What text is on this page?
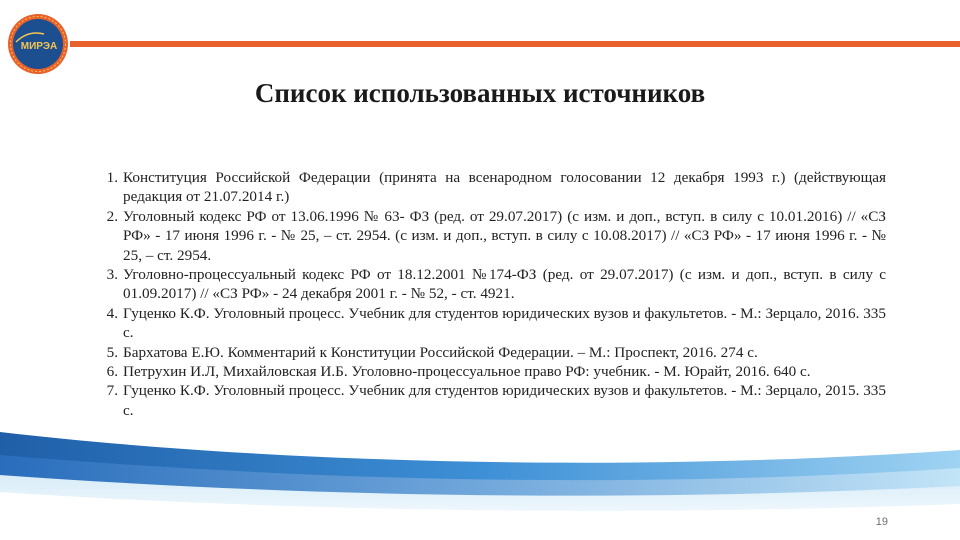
МИРЭА
Список использованных источников
1. Конституция Российской Федерации (принята на всенародном голосовании 12 декабря 1993 г.) (действующая редакция от 21.07.2014 г.)
2. Уголовный кодекс РФ от 13.06.1996 № 63- ФЗ (ред. от 29.07.2017) (с изм. и доп., вступ. в силу с 10.01.2016) // «СЗ РФ» - 17 июня 1996 г. - № 25, – ст. 2954. (с изм. и доп., вступ. в силу с 10.08.2017) // «СЗ РФ» - 17 июня 1996 г. - № 25, – ст. 2954.
3. Уголовно-процессуальный кодекс РФ от 18.12.2001 №174-ФЗ (ред. от 29.07.2017) (с изм. и доп., вступ. в силу с 01.09.2017) // «СЗ РФ» - 24 декабря 2001 г. - № 52, - ст. 4921.
4. Гуценко К.Ф. Уголовный процесс. Учебник для студентов юридических вузов и факультетов. - М.: Зерцало, 2016. 335 с.
5. Бархатова Е.Ю. Комментарий к Конституции Российской Федерации. – М.: Проспект, 2016. 274 с.
6. Петрухин И.Л, Михайловская И.Б. Уголовно-процессуальное право РФ: учебник. - М. Юрайт, 2016. 640 с.
7. Гуценко К.Ф. Уголовный процесс. Учебник для студентов юридических вузов и факультетов. - М.: Зерцало, 2015. 335 с.
19
